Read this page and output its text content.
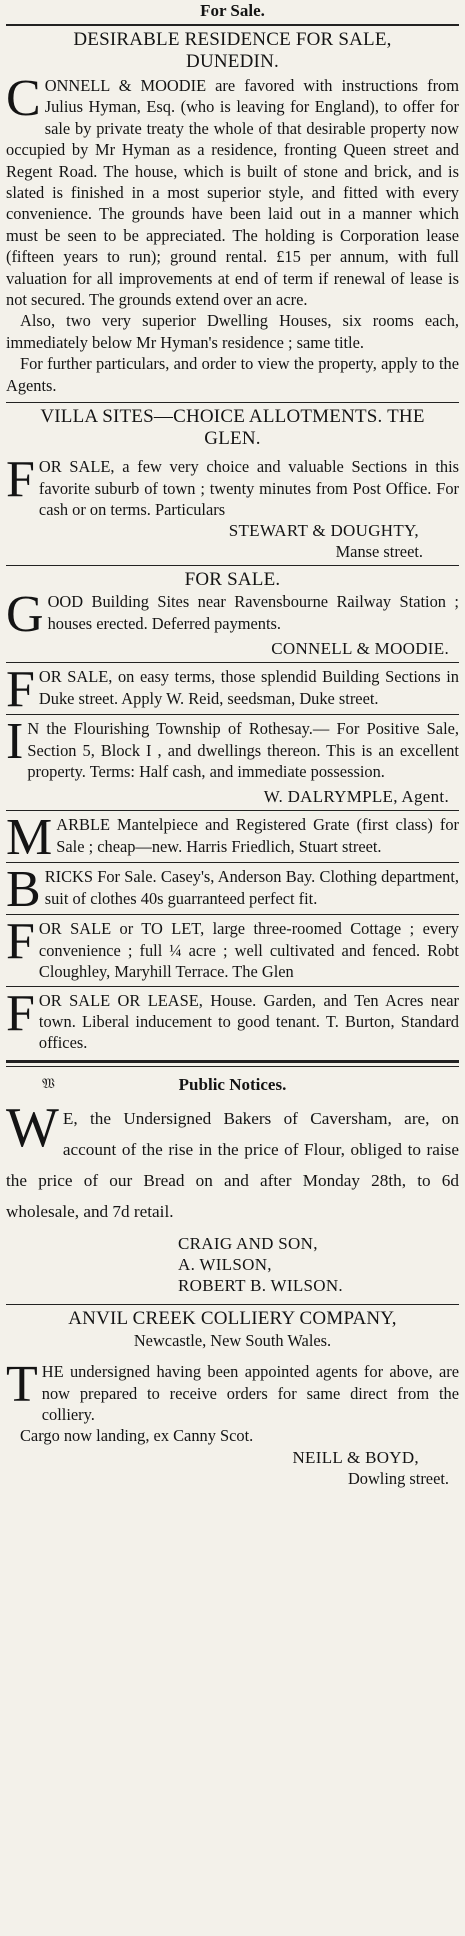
For Sale.
DESIRABLE RESIDENCE FOR SALE, DUNEDIN.
CONNELL & MOODIE are favored with instructions from Julius Hyman, Esq. (who is leaving for England), to offer for sale by private treaty the whole of that desirable property now occupied by Mr Hyman as a residence, fronting Queen street and Regent Road. The house, which is built of stone and brick, and is slated is finished in a most superior style, and fitted with every convenience. The grounds have been laid out in a manner which must be seen to be appreciated. The holding is Corporation lease (fifteen years to run); ground rental. £15 per annum, with full valuation for all improvements at end of term if renewal of lease is not secured. The grounds extend over an acre.
Also, two very superior Dwelling Houses, six rooms each, immediately below Mr Hyman's residence ; same title.
For further particulars, and order to view the property, apply to the Agents.
VILLA SITES—CHOICE ALLOTMENTS. THE GLEN.
FOR SALE, a few very choice and valuable Sections in this favorite suburb of town ; twenty minutes from Post Office. For cash or on terms. Particulars
STEWART & DOUGHTY,
Manse street.
FOR SALE.
GOOD Building Sites near Ravensbourne Railway Station ; houses erected. Deferred payments.
CONNELL & MOODIE.
FOR SALE, on easy terms, those splendid Building Sections in Duke street. Apply W. Reid, seedsman, Duke street.
I N the Flourishing Township of Rothesay.— For Positive Sale, Section 5, Block I , and dwellings thereon. This is an excellent property. Terms: Half cash, and immediate possession.
W. DALRYMPLE, Agent.
MARBLE Mantelpiece and Registered Grate (first class) for Sale ; cheap—new. Harris Friedlich, Stuart street.
BRICKS For Sale. Casey's, Anderson Bay. Clothing department, suit of clothes 40s guarranteed perfect fit.
FOR SALE or TO LET, large three-roomed Cottage ; every convenience ; full ¼ acre ; well cultivated and fenced. Robt Cloughley, Maryhill Terrace. The Glen
FOR SALE OR LEASE, House. Garden, and Ten Acres near town. Liberal inducement to good tenant. T. Burton, Standard offices.
𝔚	Public Notices.
W E, the Undersigned Bakers of Caversham, are, on account of the rise in the price of Flour, obliged to raise the price of our Bread on and after Monday 28th, to 6d wholesale, and 7d retail.
CRAIG AND SON,
A. WILSON,
ROBERT B. WILSON.
ANVIL CREEK COLLIERY COMPANY,
Newcastle, New South Wales.
THE undersigned having been appointed agents for above, are now prepared to receive orders for same direct from the colliery.
Cargo now landing, ex Canny Scot.
NEILL & BOYD,
Dowling street.
